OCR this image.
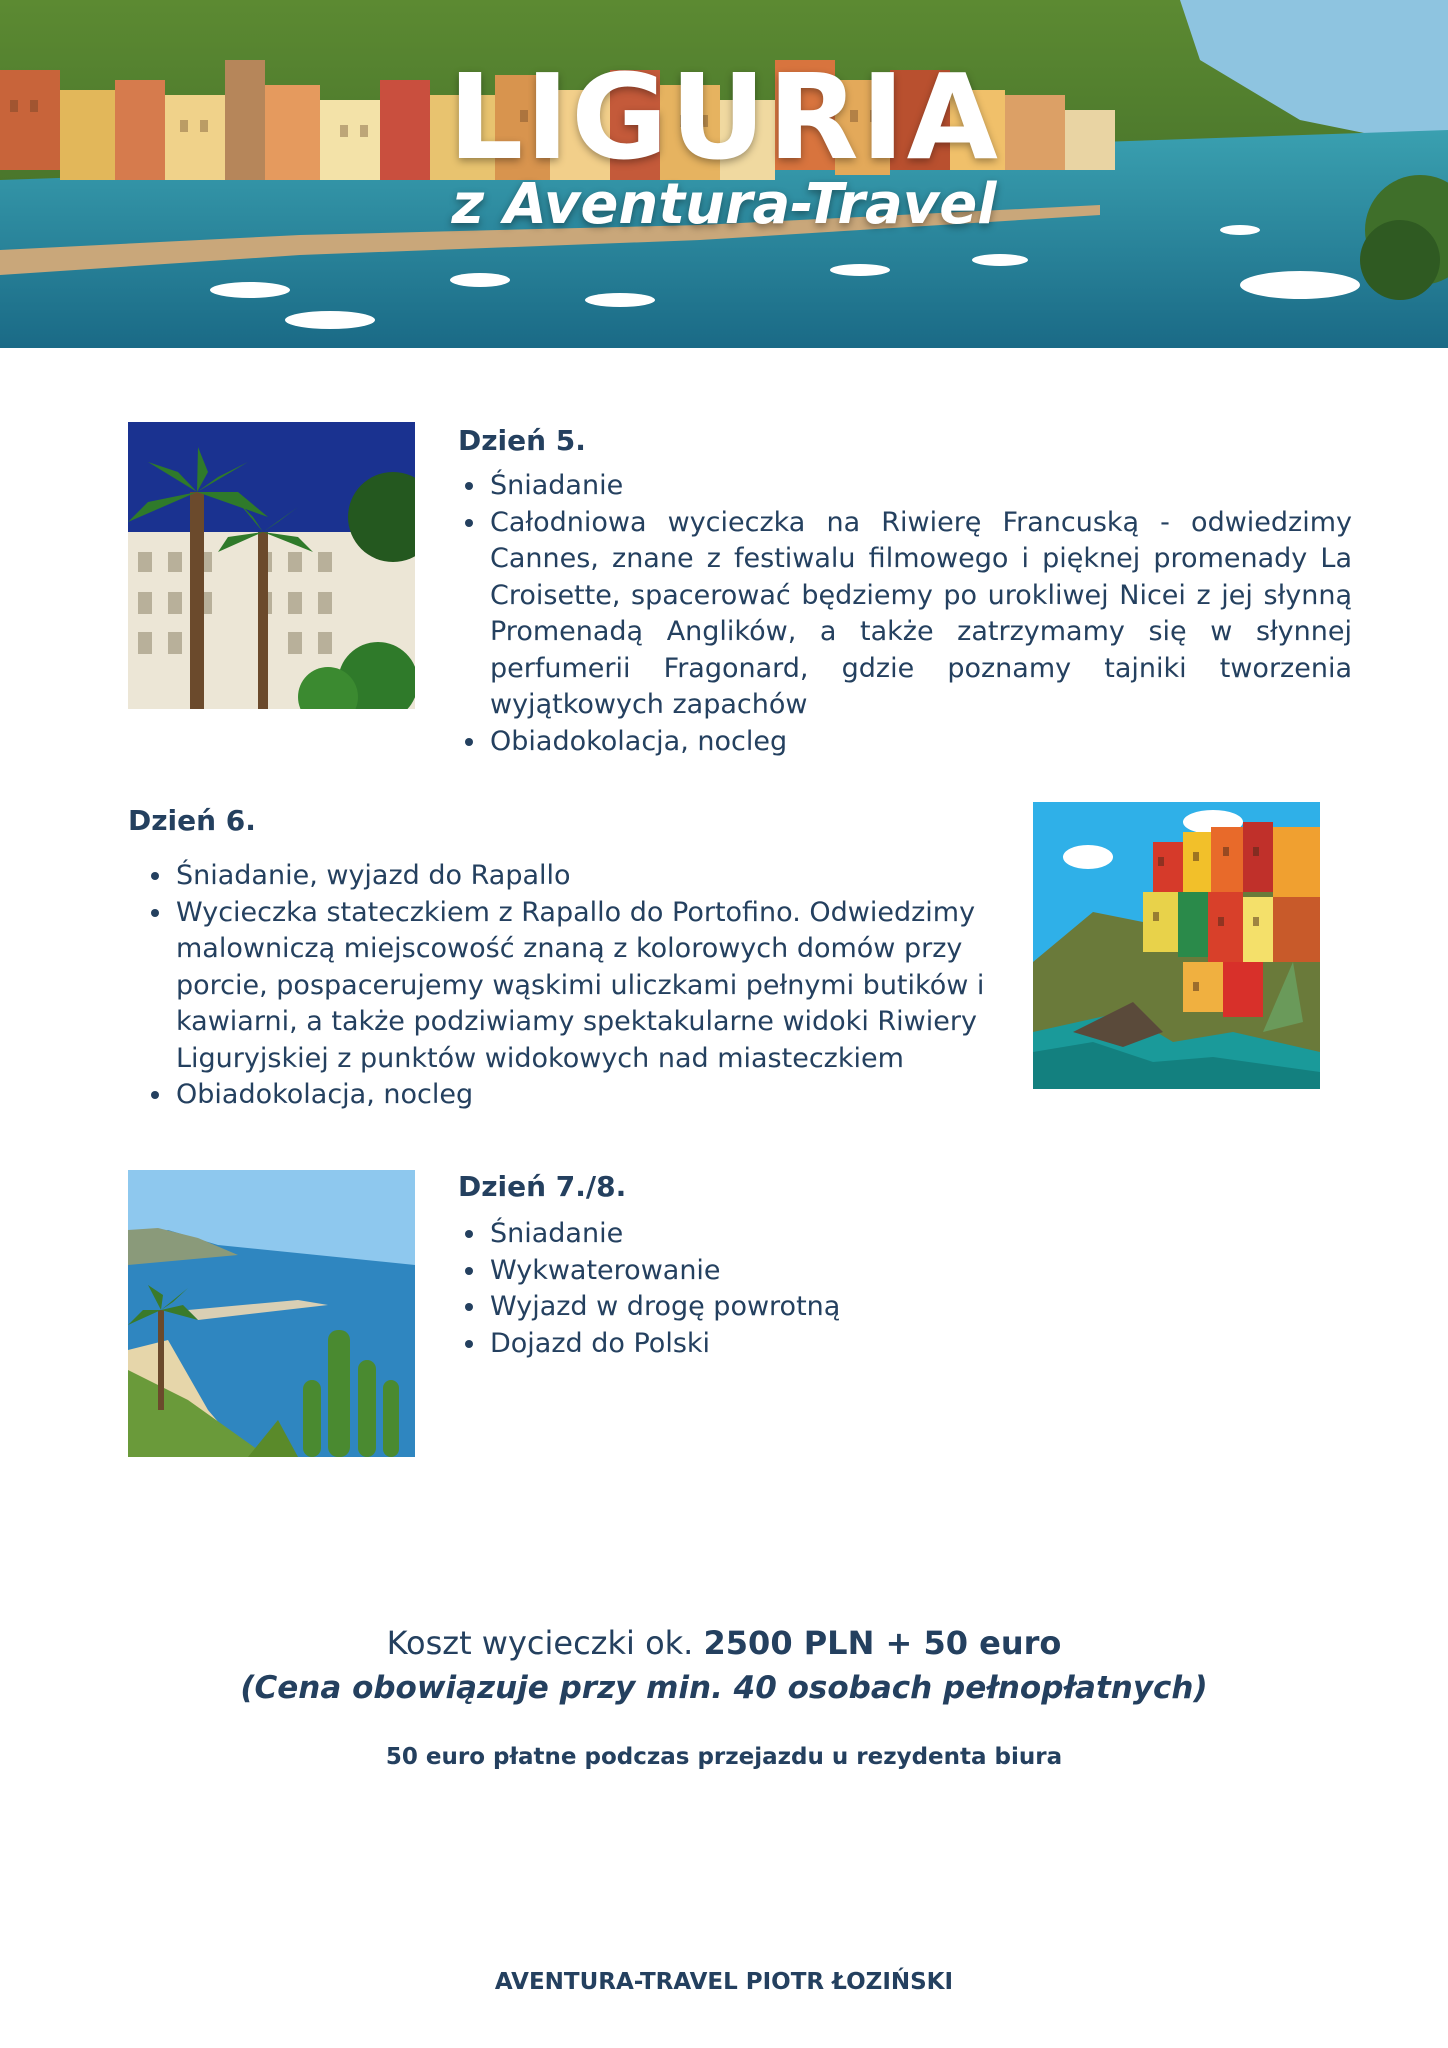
LIGURIA
z Aventura-Travel
Dzień 5.
• Śniadanie
• Całodniowa wycieczka na Riwierę Francuską - odwiedzimy Cannes, znane z festiwalu filmowego i pięknej promenady La Croisette, spacerować będziemy po urokliwej Nicei z jej słynną Promenadą Anglików, a także zatrzymamy się w słynnej perfumerii Fragonard, gdzie poznamy tajniki tworzenia wyjątkowych zapachów
• Obiadokolacja, nocleg
Dzień 6.
• Śniadanie, wyjazd do Rapallo
• Wycieczka stateczkiem z Rapallo do Portofino. Odwiedzimy malowniczą miejscowość znaną z kolorowych domów przy porcie, pospacerujemy wąskimi uliczkami pełnymi butików i kawiarni, a także podziwiamy spektakularne widoki Riwiery Liguryjskiej z punktów widokowych nad miasteczkiem
• Obiadokolacja, nocleg
Dzień 7./8.
• Śniadanie
• Wykwaterowanie
• Wyjazd w drogę powrotną
• Dojazd do Polski
Koszt wycieczki ok. 2500 PLN + 50 euro
(Cena obowiązuje przy min. 40 osobach pełnopłatnych)
50 euro płatne podczas przejazdu u rezydenta biura
AVENTURA-TRAVEL PIOTR ŁOZIŃSKI
